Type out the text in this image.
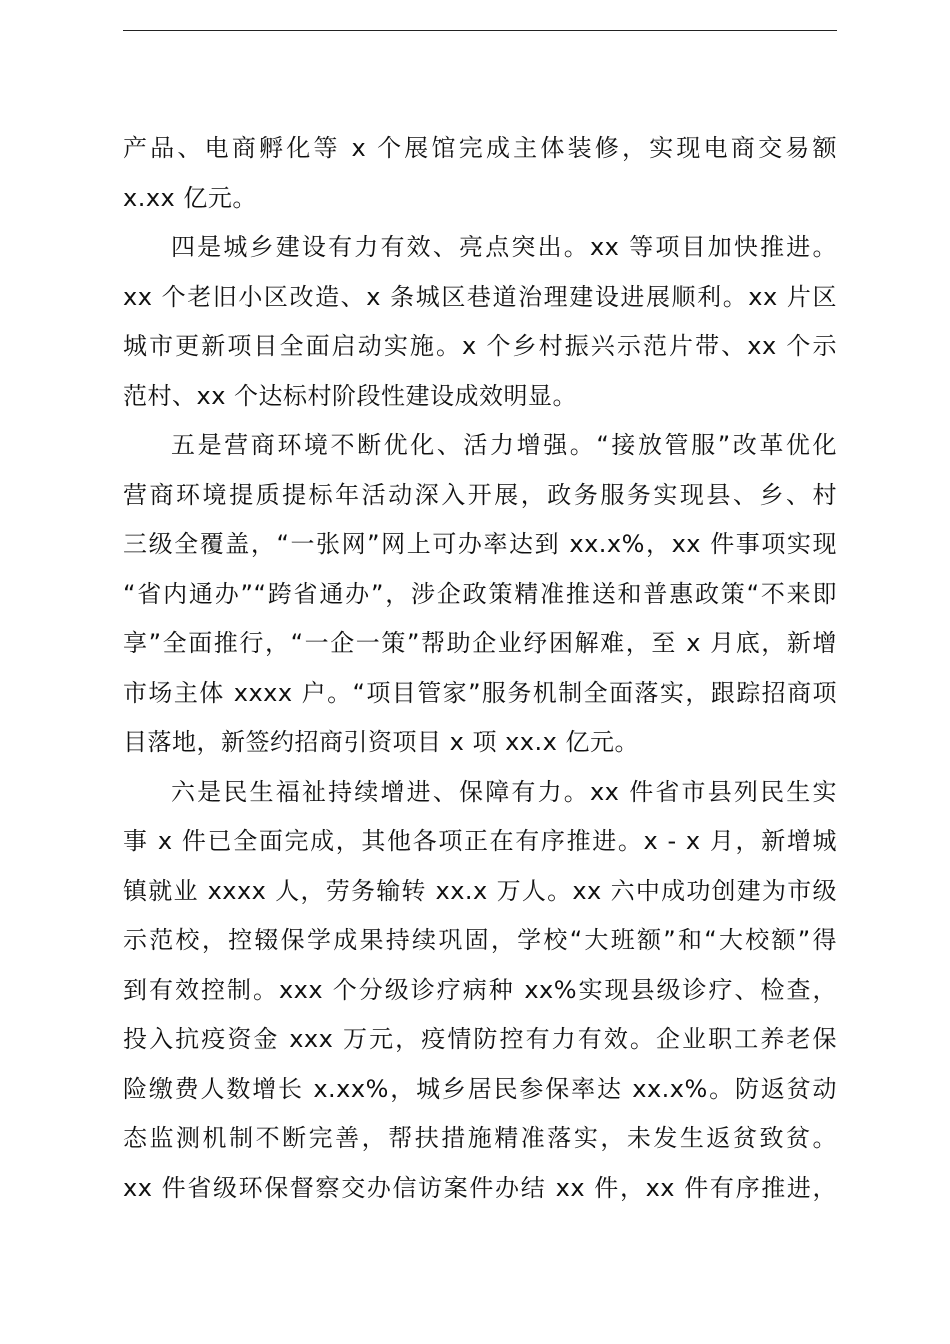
产品、电商孵化等 x 个展馆完成主体装修，实现电商交易额
x.xx 亿元。
四是城乡建设有力有效、亮点突出。xx 等项目加快推进。
xx 个老旧小区改造、x 条城区巷道治理建设进展顺利。xx 片区
城市更新项目全面启动实施。x 个乡村振兴示范片带、xx 个示
范村、xx 个达标村阶段性建设成效明显。
五是营商环境不断优化、活力增强。“接放管服”改革优化
营商环境提质提标年活动深入开展，政务服务实现县、乡、村
三级全覆盖，“一张网”网上可办率达到 xx.x%，xx 件事项实现
“省内通办”“跨省通办”，涉企政策精准推送和普惠政策“不来即
享”全面推行，“一企一策”帮助企业纾困解难，至 x 月底，新增
市场主体 xxxx 户。“项目管家”服务机制全面落实，跟踪招商项
目落地，新签约招商引资项目 x 项 xx.x 亿元。
六是民生福祉持续增进、保障有力。xx 件省市县列民生实
事 x 件已全面完成，其他各项正在有序推进。x - x 月，新增城
镇就业 xxxx 人，劳务输转 xx.x 万人。xx 六中成功创建为市级
示范校，控辍保学成果持续巩固，学校“大班额”和“大校额”得
到有效控制。xxx 个分级诊疗病种 xx%实现县级诊疗、检查，
投入抗疫资金 xxx 万元，疫情防控有力有效。企业职工养老保
险缴费人数增长 x.xx%，城乡居民参保率达 xx.x%。防返贫动
态监测机制不断完善，帮扶措施精准落实，未发生返贫致贫。
xx 件省级环保督察交办信访案件办结 xx 件，xx 件有序推进，
